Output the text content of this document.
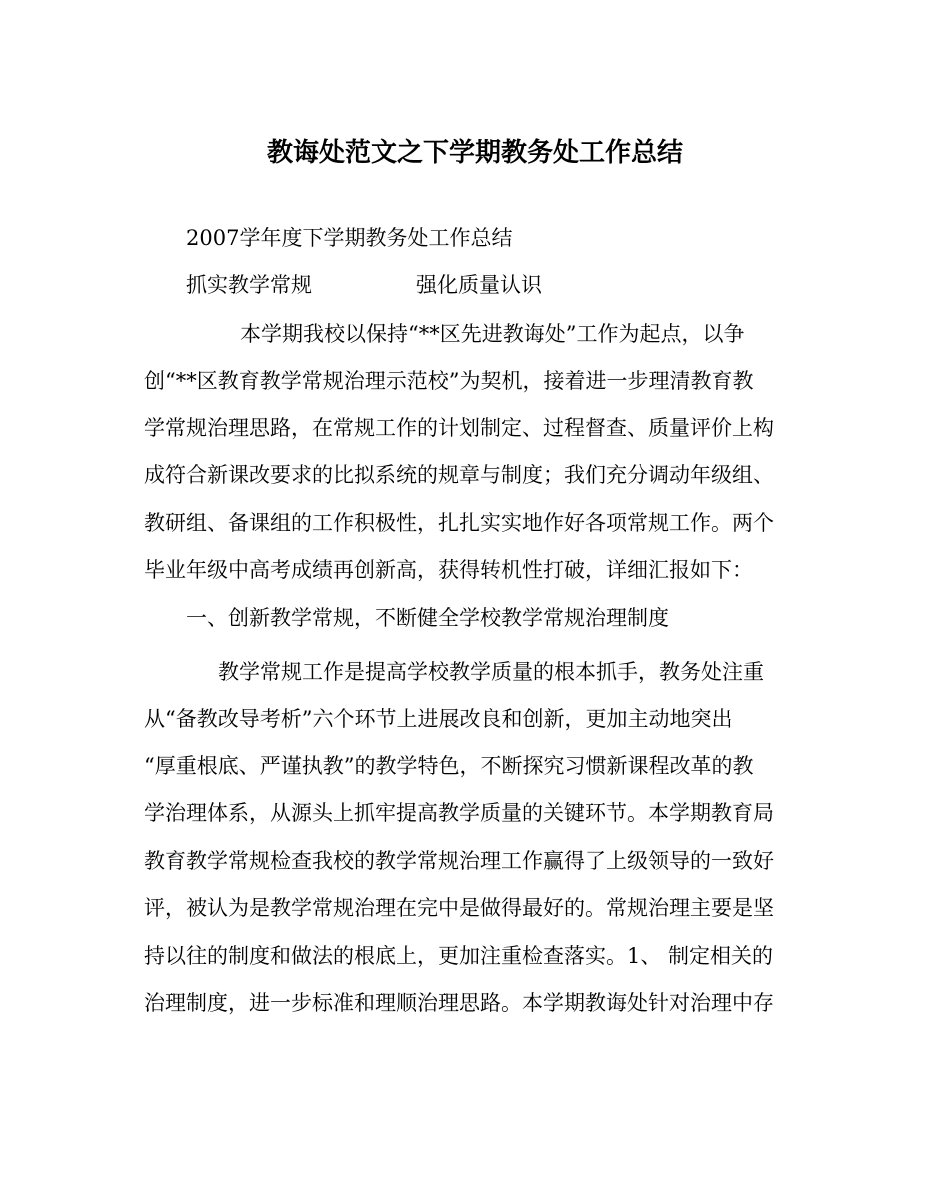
教诲处范文之下学期教务处工作总结
2007学年度下学期教务处工作总结
抓实教学常规	强化质量认识
本学期我校以保持“**区先进教诲处”工作为起点，以争
创“**区教育教学常规治理示范校”为契机，接着进一步理清教育教
学常规治理思路，在常规工作的计划制定、过程督查、质量评价上构
成符合新课改要求的比拟系统的规章与制度；我们充分调动年级组、
教研组、备课组的工作积极性，扎扎实实地作好各项常规工作。两个
毕业年级中高考成绩再创新高，获得转机性打破，详细汇报如下：
一、创新教学常规，不断健全学校教学常规治理制度
教学常规工作是提高学校教学质量的根本抓手，教务处注重
从“备教改导考析”六个环节上进展改良和创新，更加主动地突出
“厚重根底、严谨执教”的教学特色，不断探究习惯新课程改革的教
学治理体系，从源头上抓牢提高教学质量的关键环节。本学期教育局
教育教学常规检查我校的教学常规治理工作赢得了上级领导的一致好
评，被认为是教学常规治理在完中是做得最好的。常规治理主要是坚
持以往的制度和做法的根底上，更加注重检查落实。1、 制定相关的
治理制度，进一步标准和理顺治理思路。本学期教诲处针对治理中存
